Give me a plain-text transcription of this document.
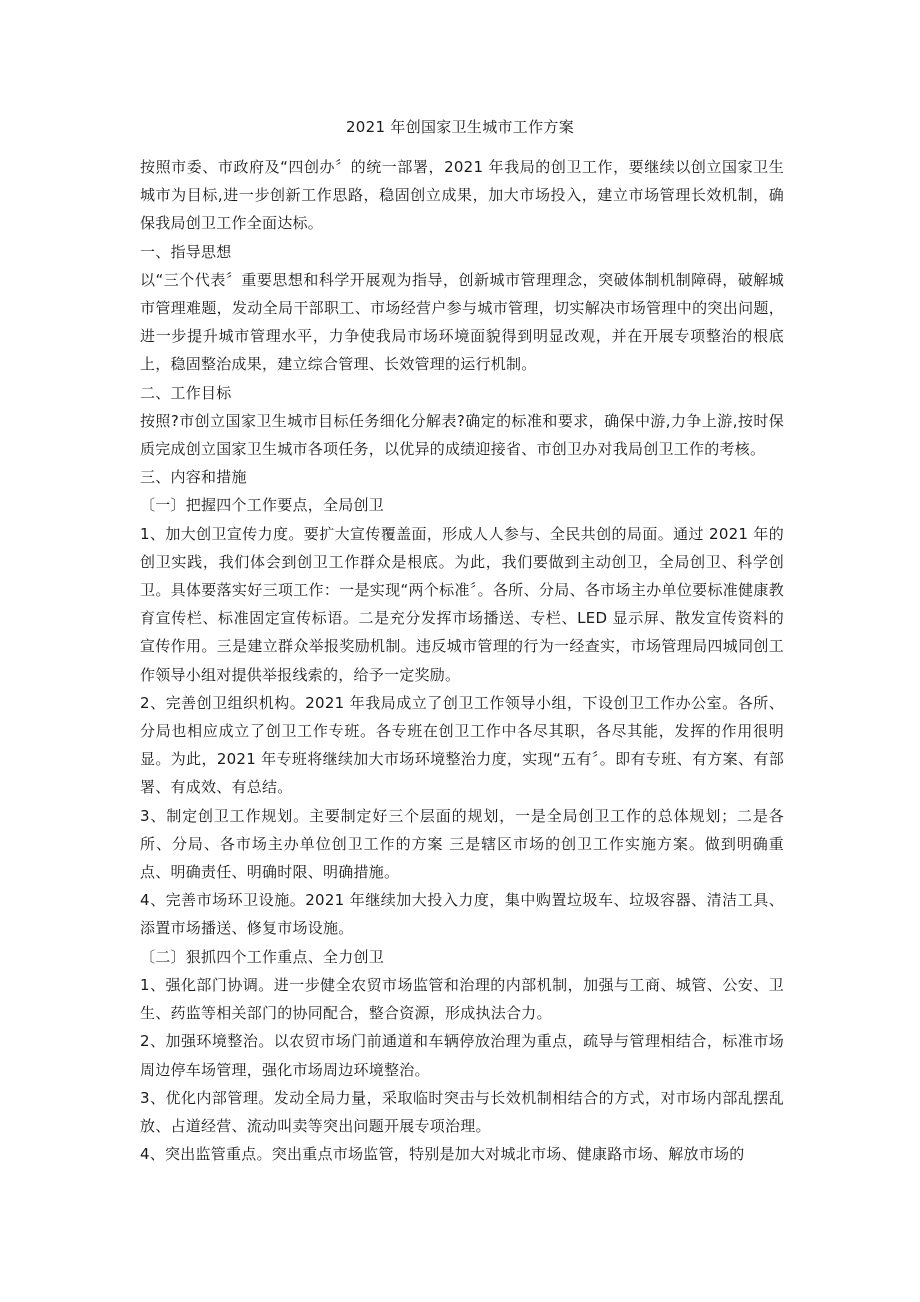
2021 年创国家卫生城市工作方案

按照市委、市政府及“四创办〞的统一部署，2021 年我局的创卫工作，要继续以创立国家卫生城市为目标,进一步创新工作思路，稳固创立成果，加大市场投入，建立市场管理长效机制，确保我局创卫工作全面达标。

一、指导思想

以“三个代表〞重要思想和科学开展观为指导，创新城市管理理念，突破体制机制障碍，破解城市管理难题，发动全局干部职工、市场经营户参与城市管理，切实解决市场管理中的突出问题，进一步提升城市管理水平，力争使我局市场环境面貌得到明显改观，并在开展专项整治的根底上，稳固整治成果，建立综合管理、长效管理的运行机制。

二、工作目标

按照?市创立国家卫生城市目标任务细化分解表?确定的标准和要求，确保中游,力争上游,按时保质完成创立国家卫生城市各项任务，以优异的成绩迎接省、市创卫办对我局创卫工作的考核。

三、内容和措施

〔一〕把握四个工作要点，全局创卫

1、加大创卫宣传力度。要扩大宣传覆盖面，形成人人参与、全民共创的局面。通过 2021 年的创卫实践，我们体会到创卫工作群众是根底。为此，我们要做到主动创卫，全局创卫、科学创卫。具体要落实好三项工作：一是实现“两个标准〞。各所、分局、各市场主办单位要标准健康教育宣传栏、标准固定宣传标语。二是充分发挥市场播送、专栏、LED 显示屏、散发宣传资料的宣传作用。三是建立群众举报奖励机制。违反城市管理的行为一经查实，市场管理局四城同创工作领导小组对提供举报线索的，给予一定奖励。

2、完善创卫组织机构。2021 年我局成立了创卫工作领导小组，下设创卫工作办公室。各所、分局也相应成立了创卫工作专班。各专班在创卫工作中各尽其职，各尽其能，发挥的作用很明显。为此，2021 年专班将继续加大市场环境整治力度，实现“五有〞。即有专班、有方案、有部署、有成效、有总结。

3、制定创卫工作规划。主要制定好三个层面的规划，一是全局创卫工作的总体规划；二是各所、分局、各市场主办单位创卫工作的方案 三是辖区市场的创卫工作实施方案。做到明确重点、明确责任、明确时限、明确措施。

4、完善市场环卫设施。2021 年继续加大投入力度，集中购置垃圾车、垃圾容器、清洁工具、添置市场播送、修复市场设施。

〔二〕狠抓四个工作重点、全力创卫

1、强化部门协调。进一步健全农贸市场监管和治理的内部机制，加强与工商、城管、公安、卫生、药监等相关部门的协同配合，整合资源，形成执法合力。

2、加强环境整治。以农贸市场门前通道和车辆停放治理为重点，疏导与管理相结合，标准市场周边停车场管理，强化市场周边环境整治。

3、优化内部管理。发动全局力量，采取临时突击与长效机制相结合的方式，对市场内部乱摆乱放、占道经营、流动叫卖等突出问题开展专项治理。

4、突出监管重点。突出重点市场监管，特别是加大对城北市场、健康路市场、解放市场的
